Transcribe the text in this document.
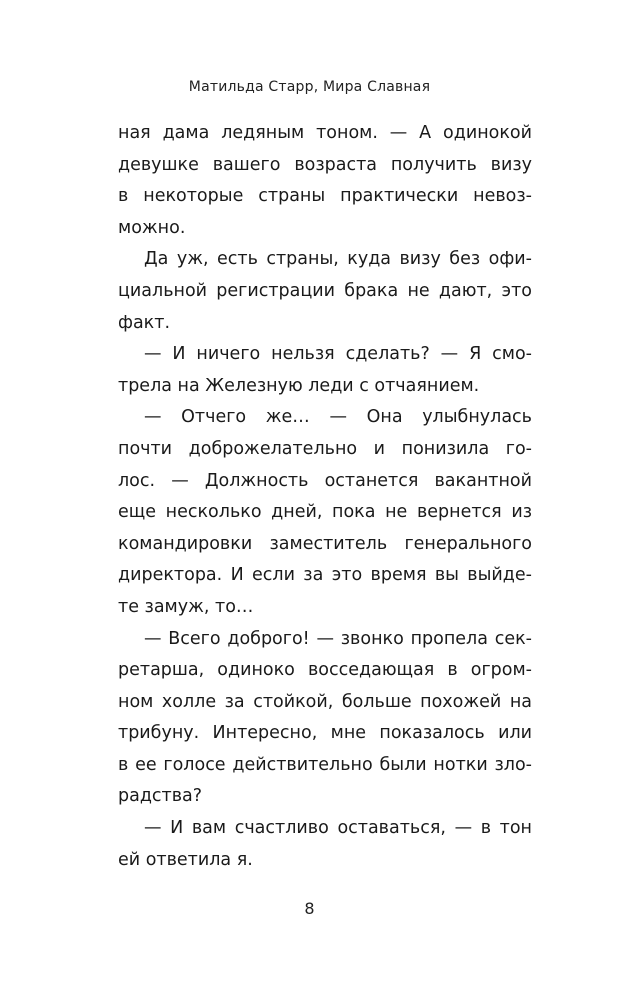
Матильда Старр, Мира Славная
ная дама ледяным тоном. — А одинокой
девушке вашего возраста получить визу
в некоторые страны практически невоз-
можно.
Да уж, есть страны, куда визу без офи-
циальной регистрации брака не дают, это
факт.
— И ничего нельзя сделать? — Я смо-
трела на Железную леди с отчаянием.
— Отчего же… — Она улыбнулась
почти доброжелательно и понизила го-
лос. — Должность останется вакантной
еще несколько дней, пока не вернется из
командировки заместитель генерального
директора. И если за это время вы выйде-
те замуж, то…
— Всего доброго! — звонко пропела сек-
ретарша, одиноко восседающая в огром-
ном холле за стойкой, больше похожей на
трибуну. Интересно, мне показалось или
в ее голосе действительно были нотки зло-
радства?
— И вам счастливо оставаться, — в тон
ей ответила я.
8
